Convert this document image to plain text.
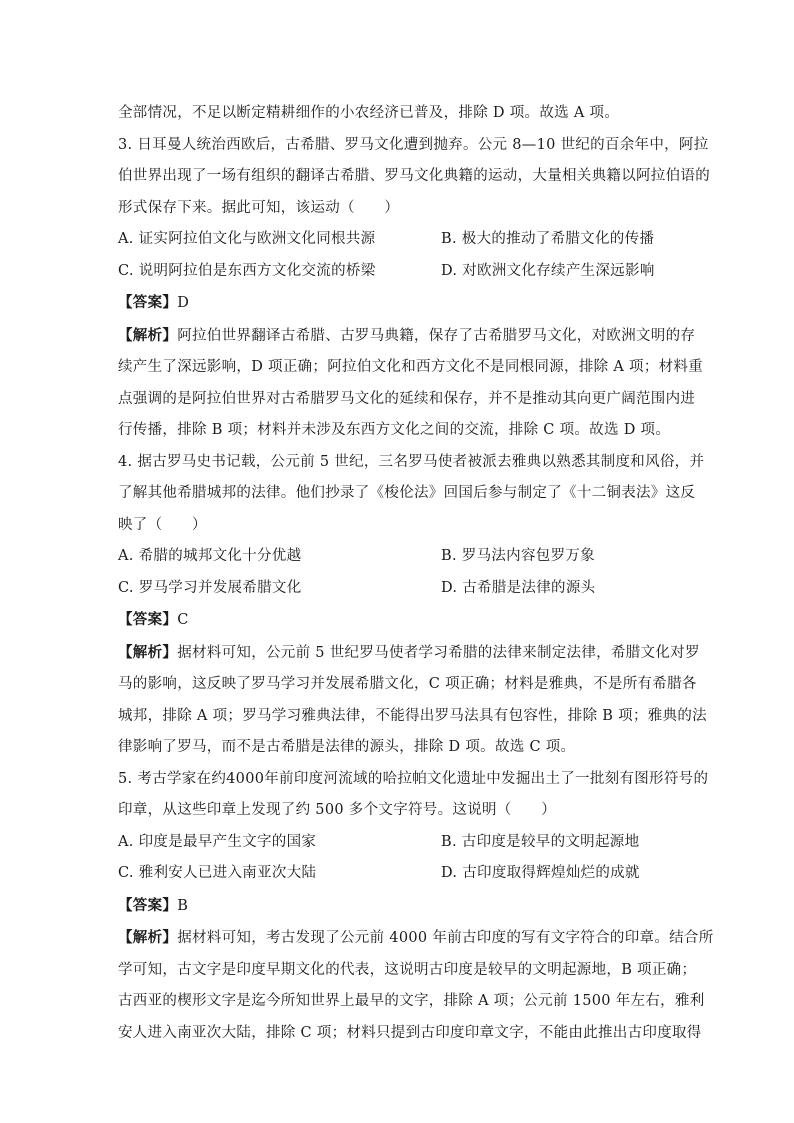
全部情况，不足以断定精耕细作的小农经济已普及，排除 D 项。故选 A 项。
3. 日耳曼人统治西欧后，古希腊、罗马文化遭到抛弃。公元 8—10 世纪的百余年中，阿拉
伯世界出现了一场有组织的翻译古希腊、罗马文化典籍的运动，大量相关典籍以阿拉伯语的
形式保存下来。据此可知，该运动（　　）
A. 证实阿拉伯文化与欧洲文化同根共源	B. 极大的推动了希腊文化的传播
C. 说明阿拉伯是东西方文化交流的桥梁	D. 对欧洲文化存续产生深远影响
【答案】D
【解析】阿拉伯世界翻译古希腊、古罗马典籍，保存了古希腊罗马文化，对欧洲文明的存
续产生了深远影响，D 项正确；阿拉伯文化和西方文化不是同根同源，排除 A 项；材料重
点强调的是阿拉伯世界对古希腊罗马文化的延续和保存，并不是推动其向更广阔范围内进
行传播，排除 B 项；材料并未涉及东西方文化之间的交流，排除 C 项。故选 D 项。
4. 据古罗马史书记载，公元前 5 世纪，三名罗马使者被派去雅典以熟悉其制度和风俗，并
了解其他希腊城邦的法律。他们抄录了《梭伦法》回国后参与制定了《十二铜表法》这反
映了（　　）
A. 希腊的城邦文化十分优越	B. 罗马法内容包罗万象
C. 罗马学习并发展希腊文化	D. 古希腊是法律的源头
【答案】C
【解析】据材料可知，公元前 5 世纪罗马使者学习希腊的法律来制定法律，希腊文化对罗
马的影响，这反映了罗马学习并发展希腊文化，C 项正确；材料是雅典，不是所有希腊各
城邦，排除 A 项；罗马学习雅典法律，不能得出罗马法具有包容性，排除 B 项；雅典的法
律影响了罗马，而不是古希腊是法律的源头，排除 D 项。故选 C 项。
5. 考古学家在约4000年前印度河流域的哈拉帕文化遗址中发掘出土了一批刻有图形符号的
印章，从这些印章上发现了约 500 多个文字符号。这说明（　　）
A. 印度是最早产生文字的国家	B. 古印度是较早的文明起源地
C. 雅利安人已进入南亚次大陆	D. 古印度取得辉煌灿烂的成就
【答案】B
【解析】据材料可知，考古发现了公元前 4000 年前古印度的写有文字符合的印章。结合所
学可知，古文字是印度早期文化的代表，这说明古印度是较早的文明起源地，B 项正确；
古西亚的楔形文字是迄今所知世界上最早的文字，排除 A 项；公元前 1500 年左右，雅利
安人进入南亚次大陆，排除 C 项；材料只提到古印度印章文字，不能由此推出古印度取得
